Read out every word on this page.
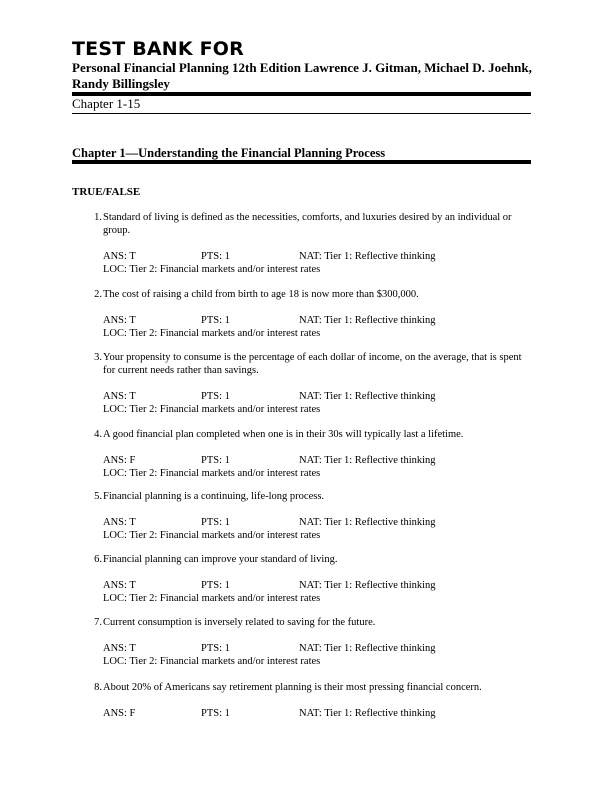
TEST BANK FOR
Personal Financial Planning 12th Edition Lawrence J. Gitman, Michael D. Joehnk, Randy Billingsley
Chapter 1-15
Chapter 1—Understanding the Financial Planning Process
TRUE/FALSE
1. Standard of living is defined as the necessities, comforts, and luxuries desired by an individual or group.
ANS: T	PTS: 1	NAT: Tier 1: Reflective thinking
LOC: Tier 2: Financial markets and/or interest rates
2. The cost of raising a child from birth to age 18 is now more than $300,000.
ANS: T	PTS: 1	NAT: Tier 1: Reflective thinking
LOC: Tier 2: Financial markets and/or interest rates
3. Your propensity to consume is the percentage of each dollar of income, on the average, that is spent for current needs rather than savings.
ANS: T	PTS: 1	NAT: Tier 1: Reflective thinking
LOC: Tier 2: Financial markets and/or interest rates
4. A good financial plan completed when one is in their 30s will typically last a lifetime.
ANS: F	PTS: 1	NAT: Tier 1: Reflective thinking
LOC: Tier 2: Financial markets and/or interest rates
5. Financial planning is a continuing, life-long process.
ANS: T	PTS: 1	NAT: Tier 1: Reflective thinking
LOC: Tier 2: Financial markets and/or interest rates
6. Financial planning can improve your standard of living.
ANS: T	PTS: 1	NAT: Tier 1: Reflective thinking
LOC: Tier 2: Financial markets and/or interest rates
7. Current consumption is inversely related to saving for the future.
ANS: T	PTS: 1	NAT: Tier 1: Reflective thinking
LOC: Tier 2: Financial markets and/or interest rates
8. About 20% of Americans say retirement planning is their most pressing financial concern.
ANS: F	PTS: 1	NAT: Tier 1: Reflective thinking
